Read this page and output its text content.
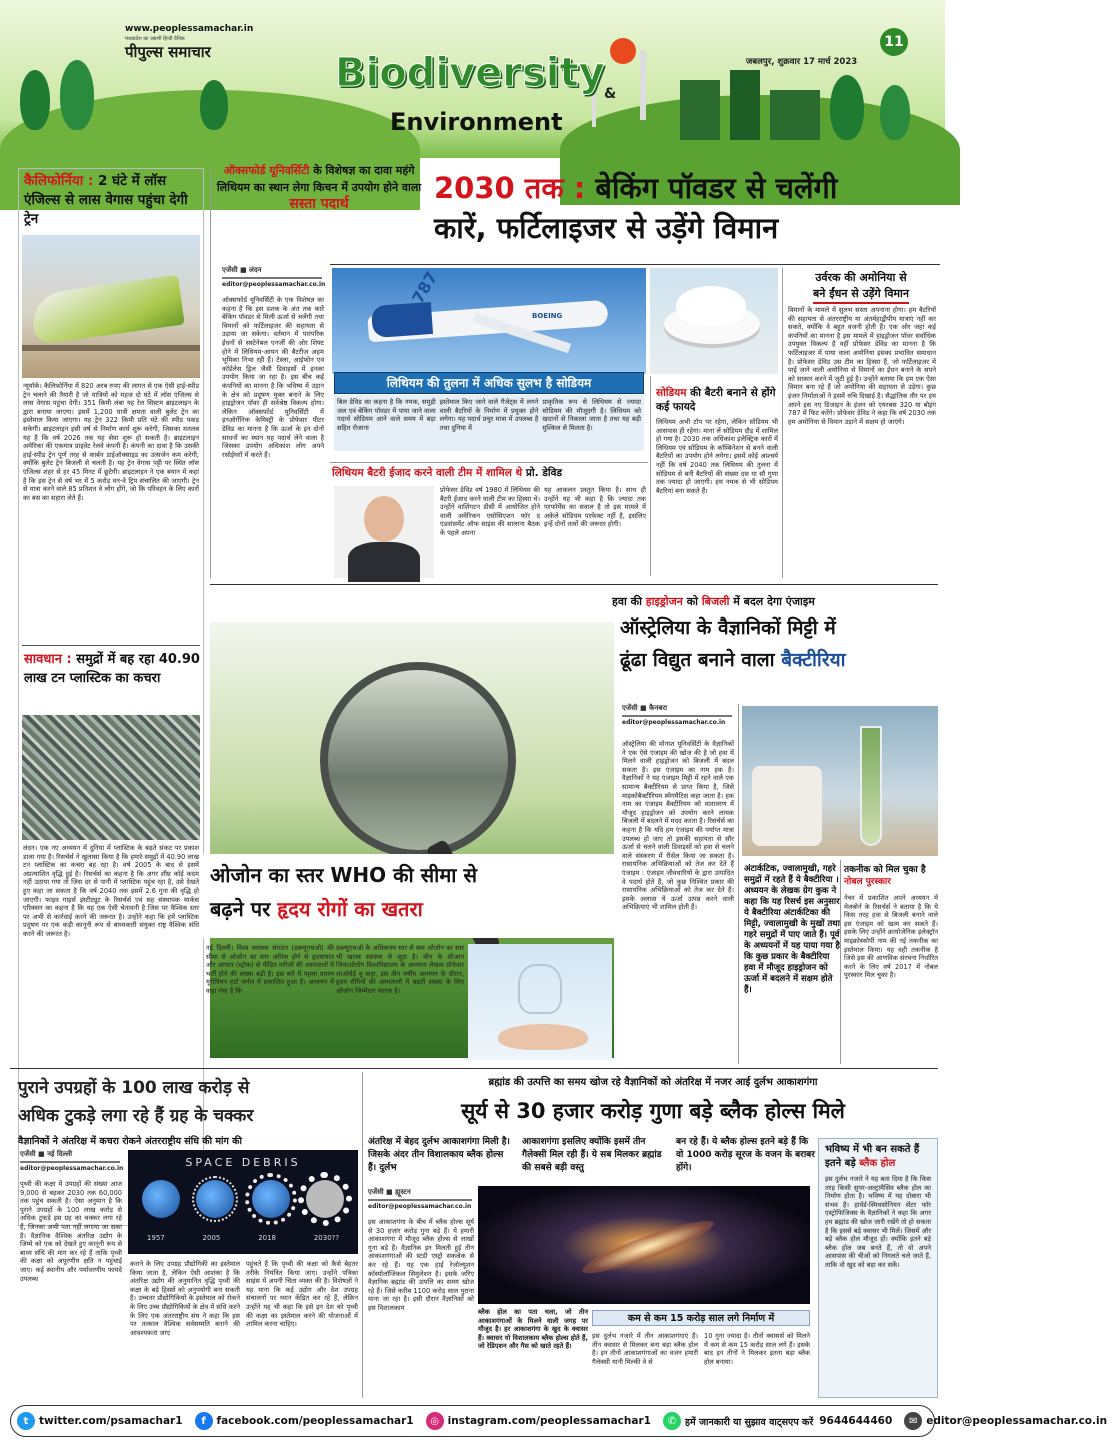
www.peoplessamachar.in
मध्यप्रदेश का अग्रणी हिन्दी दैनिक
पीपुल्स समाचार	Biodiversity &
Environment
जबलपुर, शुक्रवार 17 मार्च 2023
11
कैलिफोर्निया : 2 घंटे में लॉस एंजिल्स से लास वेगास पहुंचा देगी ट्रेन
न्यूयॉर्क। कैलिफोर्निया में 820 अरब रुपए की लागत से एक ऐसी हाई-स्पीड ट्रेन चलाने की तैयारी है जो यात्रियों को महज दो घंटे में लॉस एंजिल्स से लास वेगास पहुंचा देगी। 351 किमी लंबा यह रेल सिस्टम ब्राइटलाइन के द्वारा बनाया जाएगा। इसमें 1,200 यात्री क्षमता वाली बुलेट ट्रेन का इस्तेमाल किया जाएगा। यह ट्रेन 322 किमी प्रति घंटे की स्पीड पकड़ सकेगी। ब्राइटलाइन इसी वर्ष से निर्माण कार्य शुरू करेगी, जिसका मतलब यह है कि वर्ष 2026 तक यह सेवा शुरू हो सकती है। ब्राइटलाइन अमेरिका की एकमात्र प्राइवेट रेलवे कंपनी है। कंपनी का दावा है कि उसकी हाई-स्पीड ट्रेन पूर्ण तरह से कार्बन डाईऑक्साइड का उत्सर्जन कम करेगी, क्योंकि बुलेट ट्रेन बिजली से चलती है। यह ट्रेन वेगास पट्टी पर स्थित लॉस एंजिल्स शहर से हर 45 मिनट में छूटेगी। ब्राइटलाइन ने एक बयान में कहा है कि इस ट्रेन से वर्ष भर में 5 करोड़ वन-वे ट्रिप संचालित की जाएगी। ट्रेन से यात्रा करने वाले 85 प्रतिशत वे लोग होंगे, जो कि परिवहन के लिए कारों का बस का सहारा लेते हैं।
सावधान : समुद्रों में बह रहा 40.90 लाख टन प्लास्टिक का कचरा
लंदन। एक नए अध्ययन में दुनिया में प्लास्टिक के बढ़ते संकट पर प्रकाश डाला गया है। रिसर्चर्स ने खुलासा किया है कि हमारे समुद्रों में 40.90 लाख टन प्लास्टिक का कचरा बह रहा है। वर्ष 2005 के बाद से इसमें अप्रत्याशित वृद्धि हुई है। रिसर्चर्स का कहना है कि अगर शीघ्र कोई कदम नहीं उठाया गया तो जिस दर से पानी में प्लास्टिक पहुंच रहा है, उसे देखते हुए कहा जा सकता है कि वर्ष 2040 तक इसमें 2.6 गुना की वृद्धि हो जाएगी। फाइव गाइर्स इंस्टीट्यूट के रिसर्चर्स एवं सह संस्थापक मार्कस एरिक्सन का कहना है कि यह एक ऐसी चेतावनी है जिस पर वैश्विक स्तर पर अभी से कार्रवाई करने की जरूरत है। उन्होंने कहा कि हमें प्लास्टिक प्रदूषण पर एक कड़ी कानूनी रूप से बाध्यकारी संयुक्त राष्ट्र वैश्विक संधि करने की जरूरत है।
ऑक्सफोर्ड यूनिवर्सिटी के विशेषज्ञ का दावा महंगे लिथियम का स्थान लेगा किचन में उपयोग होने वाला सस्ता पदार्थ
एजेंसी ■ लंदन
editor@peoplessamachar.co.in
ऑक्सफोर्ड यूनिवर्सिटी के एक विशेषज्ञ का कहना है कि इस दशक के अंत तक कारें बेकिंग पॉवडर से मिली ऊर्जा से चलेंगी तथा विमानों को फर्टिलाइजर की सहायता से उड़ाया जा सकेगा। वर्तमान में पारंपरिक ईंधनों से सस्टेनेबल एनर्जी की ओर शिफ्ट होने में लिथियम-आयन की बैटरीज अहम भूमिका निभा रही हैं। टेस्ला, आईफोन एवं कॉर्डलेस ड्रिल जैसी डिवाइसों में इनका उपयोग किया जा रहा है। इस बीच कई कंपनियों का मानना है कि भविष्य में उड़ान के क्षेत्र को प्रदूषण मुक्त बनाने के लिए हाइड्रोजन पॉवर ही सर्वश्रेष्ठ विकल्प होगा। लेकिन ऑक्सफोर्ड यूनिवर्सिटी में इनऑर्गेनिक केमिस्ट्री के प्रोफेसर पीटर डेविड का मानना है कि ऊर्जा के इन दोनों साधनों का स्थान यह पदार्थ लेने वाला है जिसका उपयोग अधिकांश लोग अपने रसोईघरों में करते हैं।
2030 तक : बेकिंग पॉवडर से चलेंगी
कारें, फर्टिलाइजर से उड़ेंगे विमान
787
BOEING
लिथियम की तुलना में अधिक सुलभ है सोडियम
बिल डेविड का कहना है कि नमक, समुद्री जल एवं बेकिंग पॉवडर में पाया जाने वाला पदार्थ सोडियम आने वाले समय में बड़ा सहित रोजाना
इस्तेमाल किए जाने वाले गैजेट्स में लगने वाली बैटरियों के निर्माण में प्रयुक्त होने लगेगा। यह पदार्थ प्रचुर मात्रा में उपलब्ध है तथा दुनिया में
प्राकृतिक रूप से लिथियम से ज्यादा सोडियम की मौजूदगी है। लिथियम को खदानों से निकाला जाता है तथा यह बड़ी मुश्किल से मिलता है।
सोडियम की बैटरी बनाने से होंगे कई फायदे
लिथियम अभी टॉप पर रहेगा, लेकिन सोडियम भी आसपास ही रहेगा। माना लें सोडियम दौड़ में शामिल हो गया है। 2030 तक अधिकांश इलेक्ट्रिक कारों में लिथियम एवं सोडियम के कॉम्बिनेशन से बनने वाली बैटरियों का उपयोग होने लगेगा। इसमें कोई आश्चर्य नहीं कि वर्ष 2040 तक लिथियम की तुलना में सोडियम से बनी बैटरियों की संख्या दस या सौ गुणा तक ज्यादा हो जाएगी। हम नमक से भी सोडियम बैटरियां बना सकते हैं।
उर्वरक की अमोनिया से
बने ईंधन से उड़ेंगे विमान
विमानों के मामले में सुलभ सस्ता अपनाना होगा। हम बैटरियों की सहायता से अंतरराष्ट्रीय या अंतर्महाद्वीपीय यात्राएं नहीं कर सकते, क्योंकि वे बहुत वजनी होती हैं। एक ओर जहां कई कंपनियों का मानना है इस मामले में हाइड्रोजन पॉवर सर्वाधिक उपयुक्त विकल्प है वहीं प्रोफेसर डेविड का मानना है कि फर्टिलाइजर में पाया वाला अमोनिया इसका प्रभावित समाधान है। प्रोफेसर डेविड उस टीम का हिस्सा हैं, जो फर्टिलाइजर में पाई जाने वाली अमोनिया से विमानों का ईंधन बनाने के सपने को साकार करने में जुटी हुई है। उन्होंने बताया कि हम एक ऐसा विमान बना रहे हैं जो अमोनिया की सहायता से उड़ेगा। कुछ इंजन निर्माताओं ने इसमें रुचि दिखाई है। सैद्धांतिक तौर पर हम अपने इस नए डिजाइन के इंजन को एयरबस 320 या बोइंग 787 में फिट करेंगे। प्रोफेसर डेविड ने कहा कि वर्ष 2030 तक हम अमोनिया से विमान उड़ाने में सक्षम हो जाएंगे।
लिथियम बैटरी ईजाद करने वाली टीम में शामिल थे प्रो. डेविड
प्रोफेसर डेविड वर्ष 1980 में लिथियम की बैटरी ईजाद करने वाली टीम का हिस्सा थे। उन्होंने वाशिंगटन डीसी में आयोजित होने वाली अमेरिकन एसोसिएशन फॉर द एडवांसमेंट ऑफ साइंस की सालाना बैठक के पहले अपना
यह आकलन प्रस्तुत किया है। साथ ही उन्होंने यह भी कहा है कि ज्यादा तक परफॉर्मेंस का सवाल है तो इस मामले में अकेले सोडियम परफेक्ट नहीं है, इसलिए इन्हें दोनों तत्वों की जरूरत होगी।
हवा की हाइड्रोजन को बिजली में बदल देगा एंजाइम
ऑस्ट्रेलिया के वैज्ञानिकों मिट्टी में
ढूंढा विद्युत बनाने वाला बैक्टीरिया
एजेंसी ■ कैनबरा
editor@peoplessamachar.co.in
ऑस्ट्रेलिया की मोनाश यूनिवर्सिटी के वैज्ञानिकों ने एक ऐसे एंजाइम की खोज की है जो हवा में मिलने वाली हाइड्रोजन को बिजली में बदल सकता है। इस एंजाइम का नाम हक है। वैज्ञानिकों ने यह एंजाइम मिट्टी में रहने वाले एक सामान्य बैक्टीरियम से प्राप्त किया है, जिसे माइकोबैक्टीरियम स्मेगमैटिस कहा जाता है। हक नाम का एंजाइम बैक्टीरियम को वातावरण में मौजूद हाइड्रोजन को उपयोग करने लायक बिजली में बदलने में मदद करता है। रिसर्चर्स का कहना है कि यदि हम एंजाइम की पर्याप्त मात्रा उपलब्ध हो जाए तो इसकी सहायता से सौर ऊर्जा से चलने वाली डिवाइसों को हवा से चलने वाले संस्करण में रीसेल किया जा सकता है। रासायनिक अभिक्रियाओं को तेज कर देते हैं एंजाइम : एंजाइम जीवधारियों के द्वारा उत्पादित वे पदार्थ होते हैं, जो कुछ निश्चित प्रकार की रासायनिक अभिक्रियाओं को तेज कर देते हैं। इसके अलावा ये ऊर्जा उत्पन्न करने वाली अभिक्रियाएं भी शामिल होती हैं।
ओजोन का स्तर WHO की सीमा से
बढ़ने पर हृदय रोगों का खतरा
नई दिल्ली। विश्व स्वास्थ्य संगठन (डब्ल्यूएचओ) की सीमा से ओजोन का स्तर अधिक होने से हृदयाघात और आघात (स्ट्रोक) से पीड़ित मरीजों की अस्पतालों में भर्ती होने की संख्या बढ़ी है। इस बारे में पहला प्रमाण यूरोपियन हार्ट जर्नल में प्रकाशित हुआ है। अध्ययन में कहा गया है कि
डब्ल्यूएचओ के अधिकतम स्तर से कम ओजोन का स्तर भी खराब स्वास्थ्य से जुड़ा है। चीन के शीआन जियाओतोंग विश्वविद्यालय के अध्ययन लेखक प्रोफेसर शाओवेई वू कहा, इस तीन वर्षीय अध्ययन के दौरान, हृदय रोगियों की अस्पतालों में बढ़ती संख्या के लिए ओजोन जिम्मेदार कारक है।
अंटार्कटिक, ज्वालामुखी, गहरे समुद्रों में रहते हैं ये बैक्टीरिया । अध्ययन के लेखक ग्रेग कुक ने कहा कि यह रिसर्च इस अनुसार ये बैक्टीरिया अंटार्कटिका की मिट्टी, ज्वालामुखी के मुखों तथा गहरे समुद्रों में पाए जाते हैं। पूर्व के अध्ययनों में यह पाया गया है कि कुछ प्रकार के बैक्टीरिया हवा में मौजूद हाइड्रोजन को ऊर्जा में बदलने में सक्षम होते हैं।
तकनीक को मिल चुका है नोबल पुरस्कार
नेचर में प्रकाशित अपने अध्ययन में मेलबोर्न के रिसर्चर्स ने बताया है कि ये किस तरह हवा से बिजली बनाने वाले इस एंजाइम को खत्म कर सकते हैं। इसके लिए उन्होंने क्रायोजेनिक इलेक्ट्रॉन माइक्रोस्कोपी नाम की नई तकनीक का इस्तेमाल किया। यह वही तकनीक है जिसे इस की आणविक संरचना निर्धारित करने के लिए वर्ष 2017 में नोबल पुरस्कार मिल चुका है।
पुराने उपग्रहों के 100 लाख करोड़ से
अधिक टुकड़े लगा रहे हैं ग्रह के चक्कर
वैज्ञानिकों ने अंतरिक्ष में कचरा रोकने अंतरराष्ट्रीय संधि की मांग की
एजेंसी ■ नई दिल्ली
editor@peoplessamachar.co.in
पृथ्वी की कक्षा में उपग्रहों की संख्या आज 9,000 से बढ़कर 2030 तक 60,000 तक पहुंच सकती है। ऐसा अनुमान है कि पुराने उपग्रहों के 100 लाख करोड़ से अधिक टुकड़े इस ग्रह का चक्कर लगा रहे हैं, जिनका अभी पता नहीं लगाया जा सका है। वैज्ञानिक वैश्विक अंतरिक्ष उद्योग के जिम्मे को एक को देखते हुए कानूनी रूप से बाध्य संधि की मांग कर रहे हैं ताकि पृथ्वी की कक्षा को अपूरणीय क्षति न पहुंचाई जाए। कई स्थानीय और पर्यावरणीय फायदे उपलब्ध
SPACE DEBRIS
1957	2005	2018	2030??
कराने के लिए उपग्रह प्रौद्योगिकी का इस्तेमाल किया जाता है, लेकिन ऐसी आशंका है कि अंतरिक्ष उद्योग की अनुमानित वृद्धि पृथ्वी की कक्षा के बड़े हिस्सों को अनुपयोगी बना सकती है। उच्चतर प्रौद्योगिकियों के इस्तेमाल को रोकने के लिए उच्च प्रौद्योगिकियों के क्षेत्र में संधि करने के लिए एक अंतरराष्ट्रीय संघ ने कहा कि इस पर तत्काल वैश्विक सर्वसम्मति बनाने की आवश्यकता जाए
पहुंचते हैं कि पृथ्वी की कक्षा को कैसे बेहतर तरीके नियंत्रित किया जाए। उन्होंने पत्रिका साइंस में अपनी चिंता व्यक्त की है। विशेषज्ञों ने यह माना कि कई उद्योग और देश उपग्रह संचालनों पर ध्यान केंद्रित कर रहे हैं, लेकिन उन्होंने यह भी कहा कि इसे इन देश को पृथ्वी की कक्षा का इस्तेमाल करने की योजनाओं में शामिल करना चाहिए।
ब्रह्मांड की उत्पत्ति का समय खोज रहे वैज्ञानिकों को अंतरिक्ष में नजर आई दुर्लभ आकाशगंगा
सूर्य से 30 हजार करोड़ गुणा बड़े ब्लैक होल्स मिले
अंतरिक्ष में बेहद दुर्लभ आकाशगंगा मिली है। जिसके अंदर तीन विशालकाय ब्लैक होल्स हैं। दुर्लभ
आकाशगंगा इसलिए क्योंकि इसमें तीन गैलेक्सी मिल रही हैं। ये सब मिलकर ब्रह्मांड की सबसे बड़ी वस्तु
बन रहे हैं। ये ब्लैक होल्स इतने बड़े हैं कि वो 1000 करोड़ सूरज के वजन के बराबर होंगे।
एजेंसी ■ ह्यूस्टन
editor@peoplessamachar.co.in
इस आकाशगंगा के बीच में ब्लैक होल्स सूर्य से 30 हजार करोड़ गुना बड़े हैं। ये हमारी आकाशगंगा में मौजूद ब्लैक होल्स से लाखों गुना बड़े हैं। वैज्ञानिक इन मिलती हुई तीन आकाशगंगाओं की स्टडी एस्ट्रो सकल्रेक से कर रहे हैं। यह एक हाई रेजोल्यूशन कॉस्मोलॉजिकल सिमुलेशन है। इसके जरिए वैज्ञानिक ब्रह्मांड की उत्पत्ति का समय खोज रहे हैं। जिसे करीब 1100 करोड़ साल पुराना माना जा रहा है। इसी दौरान वैज्ञानिकों को इस विशालकाय
ब्लैक होल का पता चला, जो तीन आकाशगंगाओं के मिलने वाली जगह पर मौजूद है। हर आकाशगंगा के खुद के क्वासर हैं। क्वासर यो विशालकाय ब्लैक होल्स होते हैं, जो रेडिएशन और गैस को खाते रहते हैं।
कम से कम 15 करोड़ साल लगे निर्माण में
इस दुर्लभ नजारे में तीन आकाशगंगाएं हैं। तीन क्वासर से मिलकर बना बड़ा ब्लैक होल है। इन तीनों आकाशगंगाओं का वजन हमारी गैलेक्सी यानी मिल्की वे से
10 गुना ज्यादा है। तीनों क्वासर्स को मिलने में कम से कम 15 करोड़ साल लगे हैं। इसके बाद इन तीनों ने मिलकर इतना बड़ा ब्लैक होल बनाया।
भविष्य में भी बन सकते हैं इतने बड़े ब्लैक होल
इस दुर्लभ नजारे ने यह बता दिया है कि किस तरह किसी सुपर-अल्ट्रामैसिव ब्लैक होल का निर्माण होता है। भविष्य में यह दोबारा भी संभव है। हार्वर्ड-स्मिथसोनियन सेंटर फॉर एस्ट्रोफिजिक्स के वैज्ञानिकों ने कहा कि अगर हम ब्रह्मांड की खोज जारी रखेंगे तो हो सकता है कि इससे बड़े क्वासर भी मिलें। जिसमें और बड़े ब्लैक होल मौजूद हों। क्योंकि इतने बड़े ब्लैक होल जब बनते हैं, तो वो अपने आसपास की चीजों को निगलते चले जाते हैं, ताकि वो खुद को बड़ा कर सकें।
t	twitter.com/psamachar1	f	facebook.com/peoplessamachar1	◎ instagram.com/peoplessamachar1	✆ हमें जानकारी या सुझाव वाट्सएप करें 9644644460	✉ editor@peoplessamachar.co.in
